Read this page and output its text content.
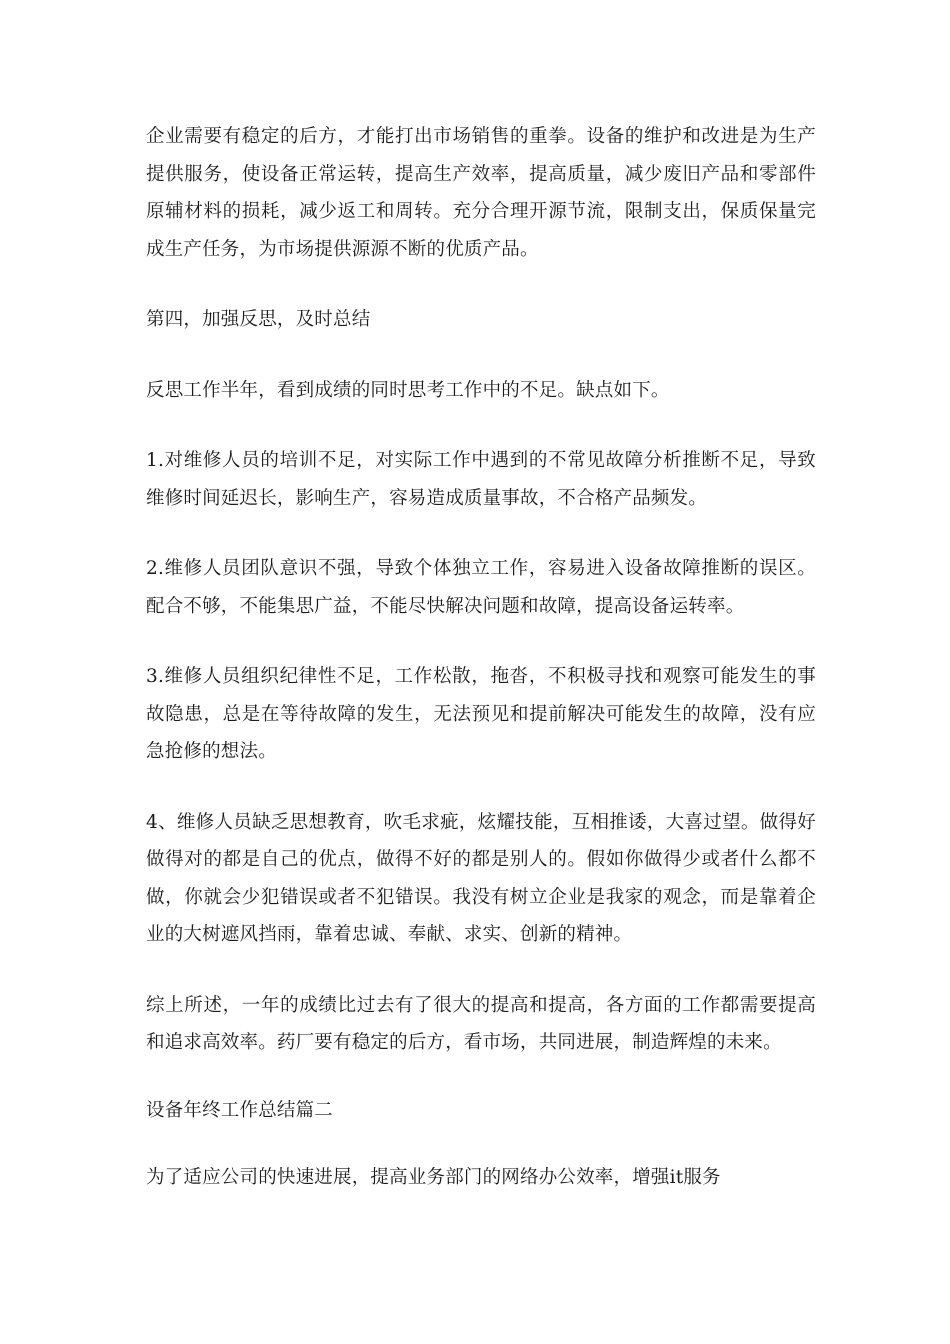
企业需要有稳定的后方，才能打出市场销售的重拳。设备的维护和改进是为生产提供服务，使设备正常运转，提高生产效率，提高质量，减少废旧产品和零部件原辅材料的损耗，减少返工和周转。充分合理开源节流，限制支出，保质保量完成生产任务，为市场提供源源不断的优质产品。

第四，加强反思，及时总结

反思工作半年，看到成绩的同时思考工作中的不足。缺点如下。

1.对维修人员的培训不足，对实际工作中遇到的不常见故障分析推断不足，导致维修时间延迟长，影响生产，容易造成质量事故，不合格产品频发。

2.维修人员团队意识不强，导致个体独立工作，容易进入设备故障推断的误区。配合不够，不能集思广益，不能尽快解决问题和故障，提高设备运转率。

3.维修人员组织纪律性不足，工作松散，拖沓，不积极寻找和观察可能发生的事故隐患，总是在等待故障的发生，无法预见和提前解决可能发生的故障，没有应急抢修的想法。

4、维修人员缺乏思想教育，吹毛求疵，炫耀技能，互相推诿，大喜过望。做得好做得对的都是自己的优点，做得不好的都是别人的。假如你做得少或者什么都不做，你就会少犯错误或者不犯错误。我没有树立企业是我家的观念，而是靠着企业的大树遮风挡雨，靠着忠诚、奉献、求实、创新的精神。

综上所述，一年的成绩比过去有了很大的提高和提高，各方面的工作都需要提高和追求高效率。药厂要有稳定的后方，看市场，共同进展，制造辉煌的未来。

设备年终工作总结篇二

为了适应公司的快速进展，提高业务部门的网络办公效率，增强it服务
